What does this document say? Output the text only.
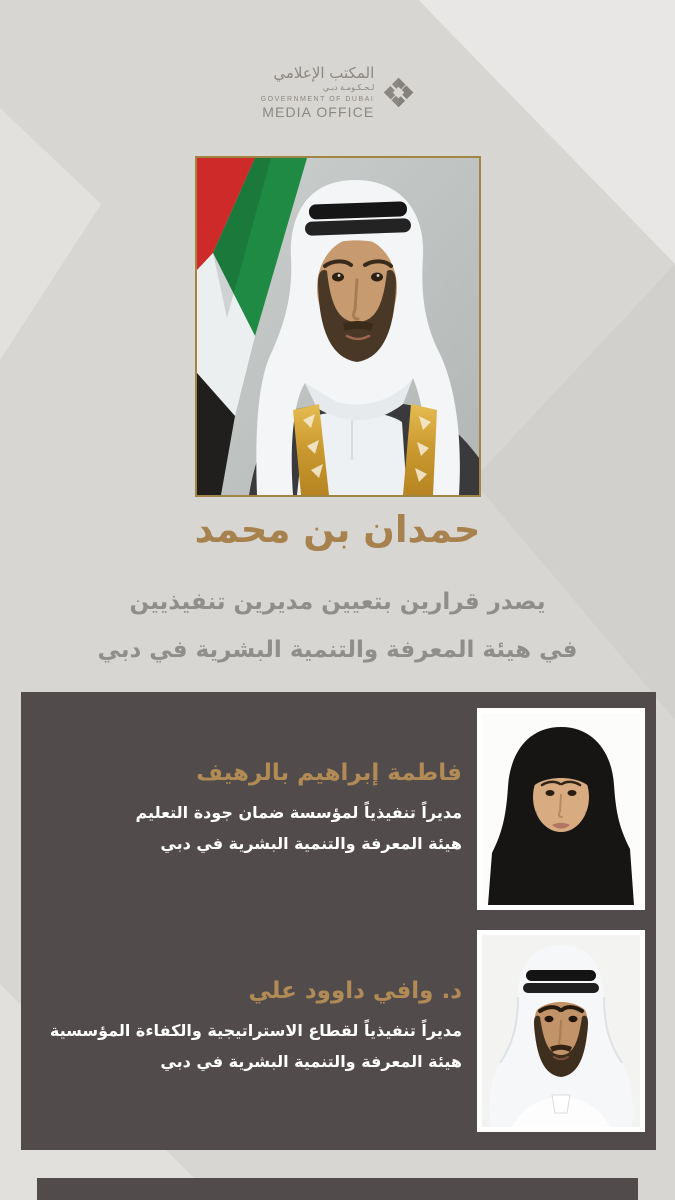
المكتب الإعلامي
لـحـكـومـة دبـي
GOVERNMENT OF DUBAI
MEDIA OFFICE
حمدان بن محمد
يصدر قرارين بتعيين مديرين تنفيذيين
في هيئة المعرفة والتنمية البشرية في دبي
فاطمة إبراهيم بالرهيف

مديراً تنفيذياً لمؤسسة ضمان جودة التعليم

هيئة المعرفة والتنمية البشرية في دبي

د. وافي داوود علي

مديراً تنفيذياً لقطاع الاستراتيجية والكفاءة المؤسسية

هيئة المعرفة والتنمية البشرية في دبي
